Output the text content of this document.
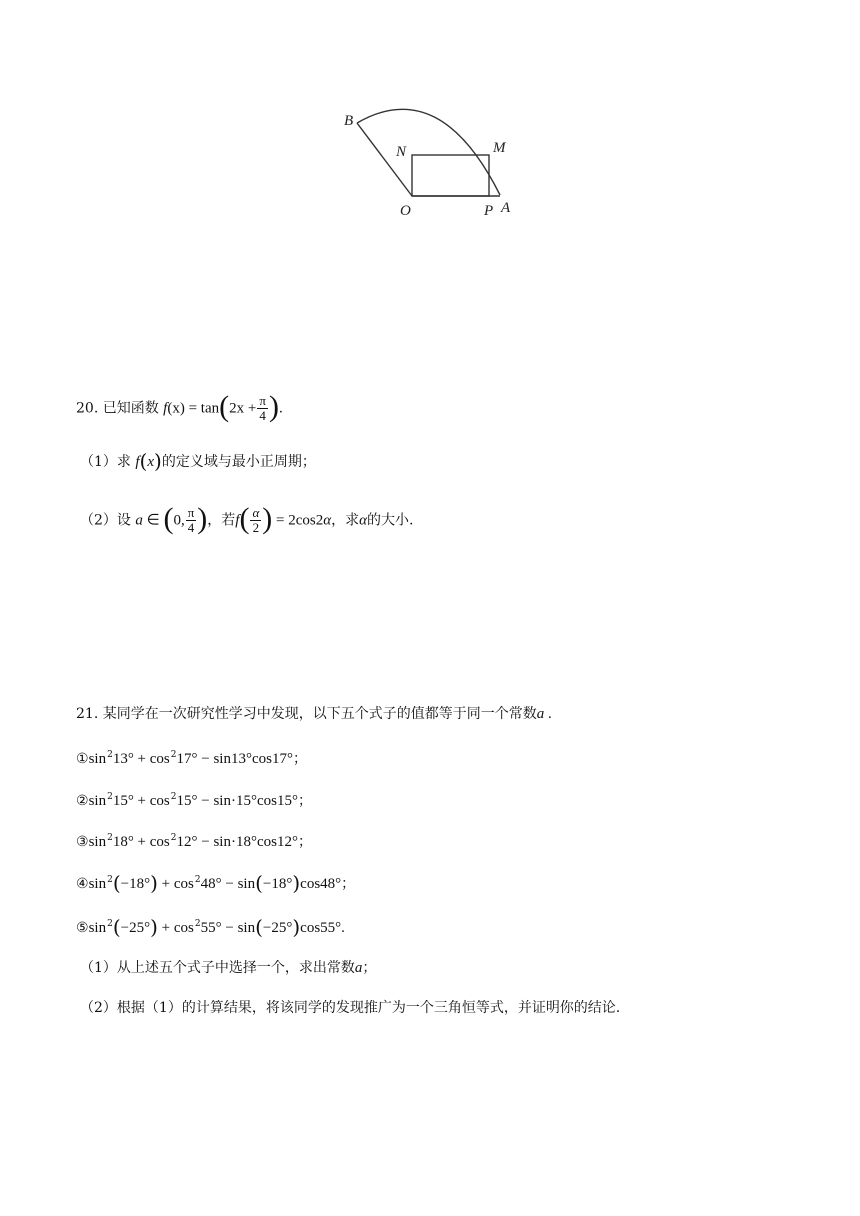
B
N	M
O	P A
20. 已知函数 $f(x) = \tan(2x + \frac{\pi}{4}$ ).
（1）求 f(x)的定义域与最小正周期；
（2）设 a ∈ (0, $\frac{\pi}{4}$ )，若$f( \frac{\alpha}{2}$ ) = 2cos2α，求α的大小.
21. 某同学在一次研究性学习中发现，以下五个式子的值都等于同一个常数a .
$①\sin^213^\circ + \cos^217^\circ - \sin 13^\circ\cos 17^\circ$；
$②\sin^215^\circ + \cos^215^\circ - \sin\cdot 15^\circ\cos 15^\circ$；
$③\sin^218^\circ + \cos^212^\circ - \sin\cdot 18^\circ\cos 12^\circ$；
$④\sin^2(-18^\circ) + \cos^248^\circ - \sin(-18^\circ)\cos 48^\circ$；
$⑤\sin^2(-25^\circ) + \cos^255^\circ - \sin(-25^\circ)\cos 55^\circ$.
（1）从上述五个式子中选择一个，求出常数a；
（2）根据（1）的计算结果，将该同学的发现推广为一个三角恒等式，并证明你的结论.
